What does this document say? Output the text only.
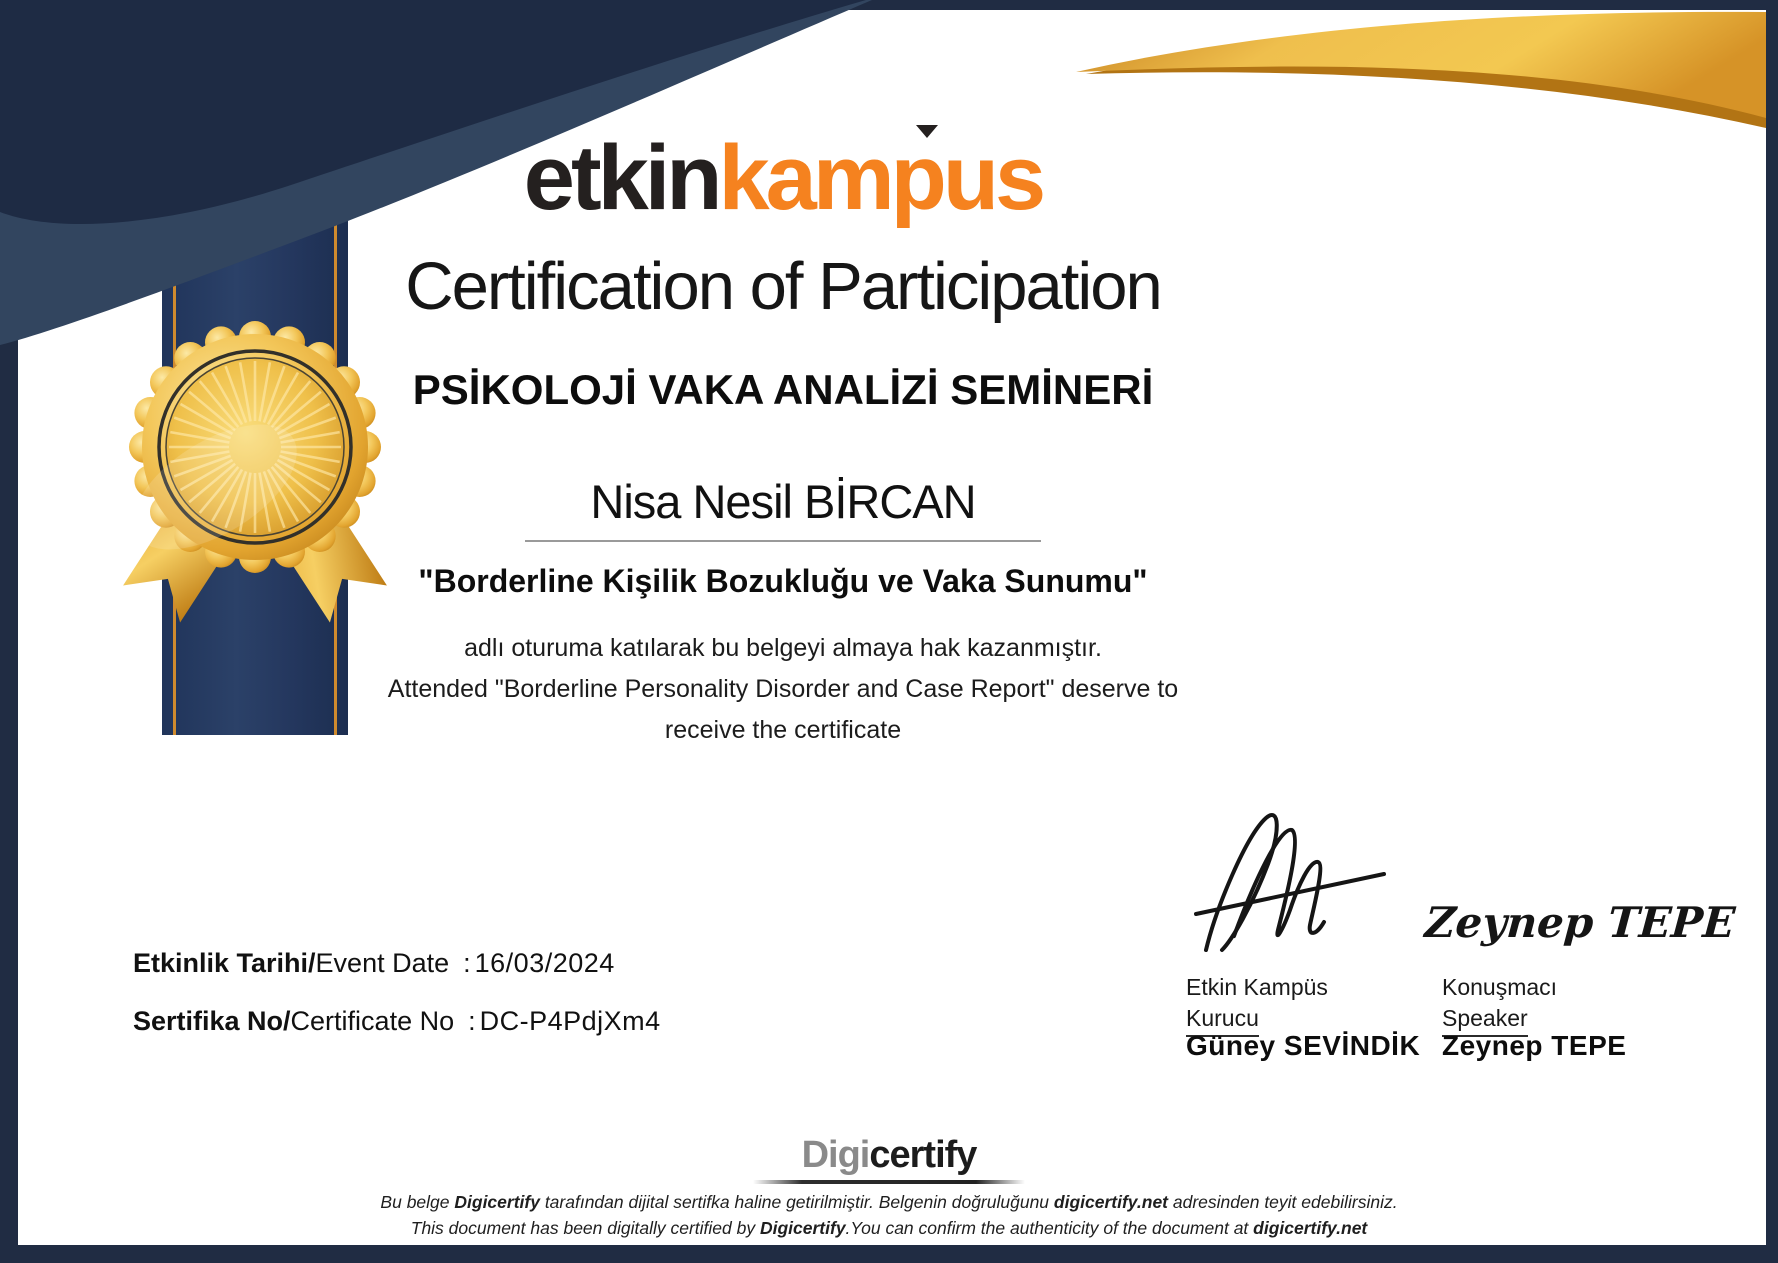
etkinkampus
Certification of Participation
PSİKOLOJİ VAKA ANALİZİ SEMİNERİ
Nisa Nesil BİRCAN
"Borderline Kişilik Bozukluğu ve Vaka Sunumu"
adlı oturuma katılarak bu belgeyi almaya hak kazanmıştır.
Attended "Borderline Personality Disorder and Case Report" deserve to
receive the certificate
Etkinlik Tarihi/Event Date : 16/03/2024
Sertifika No/Certificate No : DC-P4PdjXm4
Etkin Kampüs
Kurucu
Güney SEVİNDİK
Zeynep TEPE
Konuşmacı
Speaker
Zeynep TEPE
Digicertify
Bu belge Digicertify tarafından dijital sertifka haline getirilmiştir. Belgenin doğruluğunu digicertify.net adresinden teyit edebilirsiniz.
This document has been digitally certified by Digicertify.You can confirm the authenticity of the document at digicertify.net
